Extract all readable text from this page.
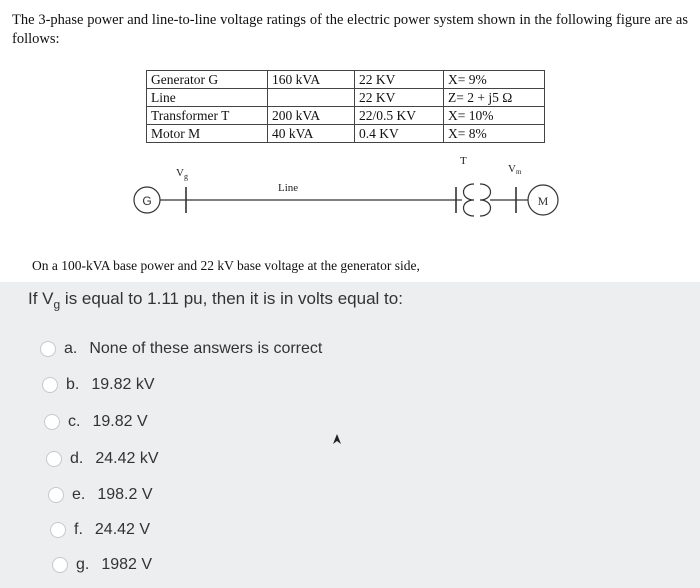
The 3-phase power and line-to-line voltage ratings of the electric power system shown in the following figure are as follows:
Generator G	160 kVA	22 KV	X= 9%
Line		22 KV	Z= 2 + j5 Ω
Transformer T	200 kVA	22/0.5 KV	X= 10%
Motor M	40 kVA	0.4 KV	X= 8%
G	M
$V_g$
Line
T
Vm
On a 100-kVA base power and 22 kV base voltage at the generator side,
If $V_g$ is equal to 1.11 pu, then it is in volts equal to:
a. None of these answers is correct
b. 19.82 kV
c. 19.82 V
d. 24.42 kV
e. 198.2 V
f. 24.42 V
g. 1982 V
